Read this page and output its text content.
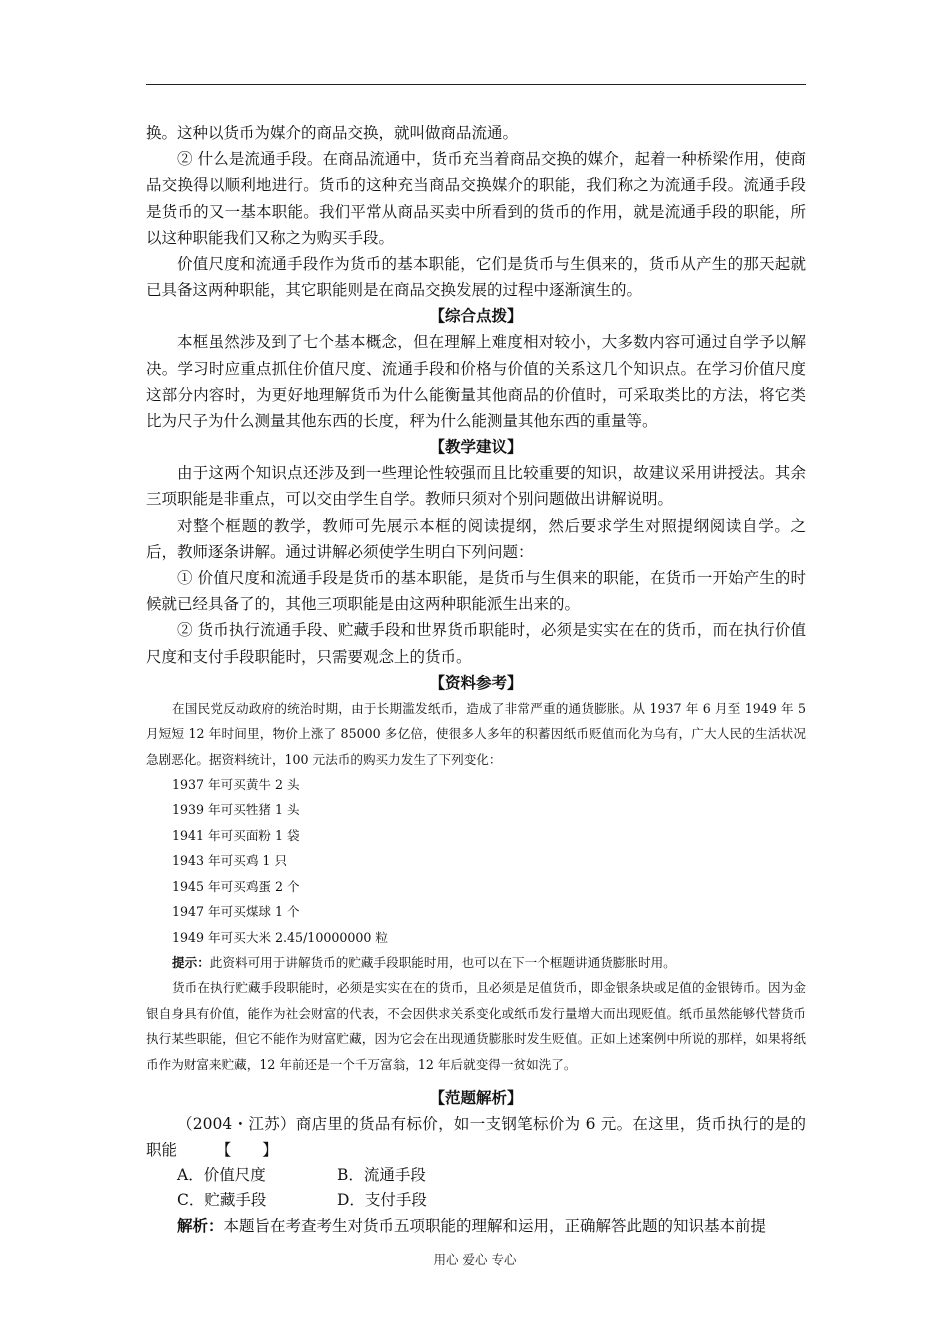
换。这种以货币为媒介的商品交换，就叫做商品流通。

② 什么是流通手段。在商品流通中，货币充当着商品交换的媒介，起着一种桥梁作用，使商品交换得以顺利地进行。货币的这种充当商品交换媒介的职能，我们称之为流通手段。流通手段是货币的又一基本职能。我们平常从商品买卖中所看到的货币的作用，就是流通手段的职能，所以这种职能我们又称之为购买手段。

价值尺度和流通手段作为货币的基本职能，它们是货币与生俱来的，货币从产生的那天起就已具备这两种职能，其它职能则是在商品交换发展的过程中逐渐演生的。

【综合点拨】

本框虽然涉及到了七个基本概念，但在理解上难度相对较小，大多数内容可通过自学予以解决。学习时应重点抓住价值尺度、流通手段和价格与价值的关系这几个知识点。在学习价值尺度这部分内容时，为更好地理解货币为什么能衡量其他商品的价值时，可采取类比的方法，将它类比为尺子为什么测量其他东西的长度，秤为什么能测量其他东西的重量等。

【教学建议】

由于这两个知识点还涉及到一些理论性较强而且比较重要的知识，故建议采用讲授法。其余三项职能是非重点，可以交由学生自学。教师只须对个别问题做出讲解说明。

对整个框题的教学，教师可先展示本框的阅读提纲，然后要求学生对照提纲阅读自学。之后，教师逐条讲解。通过讲解必须使学生明白下列问题：

① 价值尺度和流通手段是货币的基本职能，是货币与生俱来的职能，在货币一开始产生的时候就已经具备了的，其他三项职能是由这两种职能派生出来的。

② 货币执行流通手段、贮藏手段和世界货币职能时，必须是实实在在的货币，而在执行价值尺度和支付手段职能时，只需要观念上的货币。

【资料参考】

在国民党反动政府的统治时期，由于长期滥发纸币，造成了非常严重的通货膨胀。从 1937 年 6 月至 1949 年 5 月短短 12 年时间里，物价上涨了 85000 多亿倍，使很多人多年的积蓄因纸币贬值而化为乌有，广大人民的生活状况急剧恶化。据资料统计，100 元法币的购买力发生了下列变化：

1937 年可买黄牛 2 头

1939 年可买牲猪 1 头

1941 年可买面粉 1 袋

1943 年可买鸡 1 只

1945 年可买鸡蛋 2 个

1947 年可买煤球 1 个

1949 年可买大米 2.45/10000000 粒

提示：此资料可用于讲解货币的贮藏手段职能时用，也可以在下一个框题讲通货膨胀时用。

货币在执行贮藏手段职能时，必须是实实在在的货币，且必须是足值货币，即金银条块或足值的金银铸币。因为金银自身具有价值，能作为社会财富的代表，不会因供求关系变化或纸币发行量增大而出现贬值。纸币虽然能够代替货币执行某些职能，但它不能作为财富贮藏，因为它会在出现通货膨胀时发生贬值。正如上述案例中所说的那样，如果将纸币作为财富来贮藏，12 年前还是一个千万富翁，12 年后就变得一贫如洗了。

【范题解析】

（2004・江苏）商店里的货品有标价，如一支钢笔标价为 6 元。在这里，货币执行的是的职能　　　【　　】

A．价值尺度	B．流通手段

C．贮藏手段	D．支付手段

解析：本题旨在考查考生对货币五项职能的理解和运用，正确解答此题的知识基本前提

用心 爱心 专心
